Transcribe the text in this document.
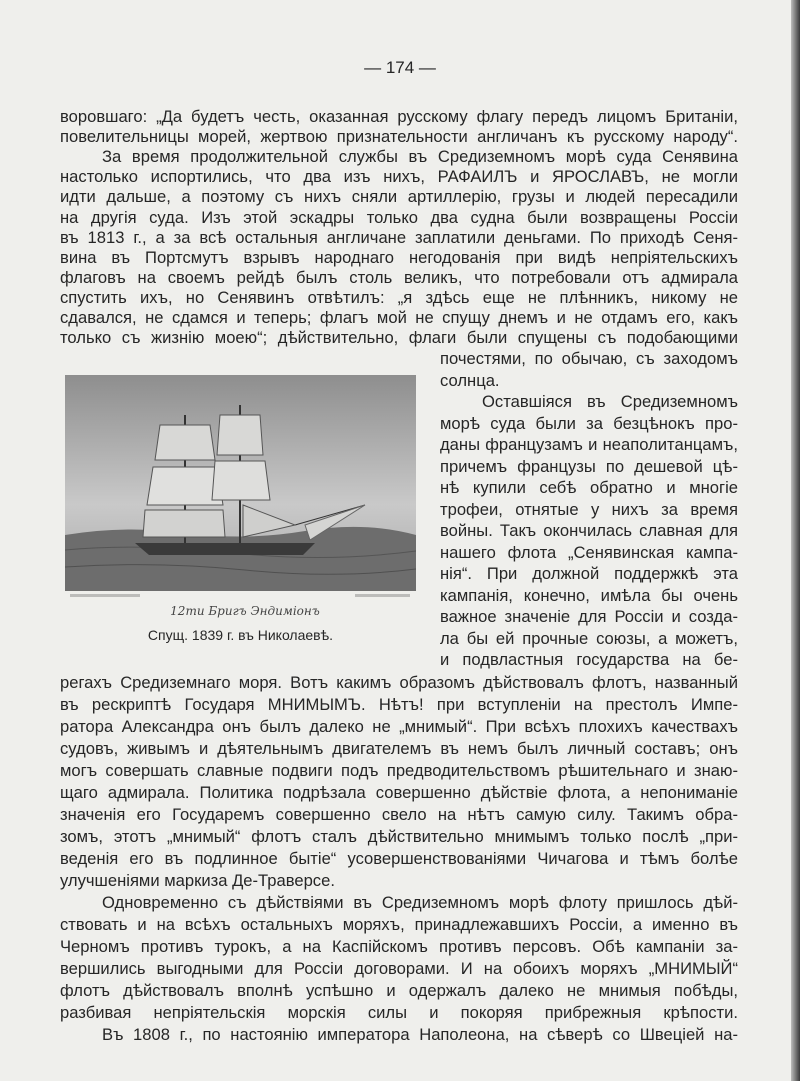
— 174 —
воровшаго: „Да будетъ честь, оказанная русскому флагу передъ лицомъ Британіи,
повелительницы морей, жертвою признательности англичанъ къ русскому народу“.
За время продолжительной службы въ Средиземномъ морѣ суда Сенявина
настолько испортились, что два изъ нихъ, РАФАИЛЪ и ЯРОСЛАВЪ, не могли
идти дальше, а поэтому съ нихъ сняли артиллерію, грузы и людей пересадили
на другія суда. Изъ этой эскадры только два судна были возвращены Россіи
въ 1813 г., а за всѣ остальныя англичане заплатили деньгами. По приходѣ Сеня-
вина въ Портсмутъ взрывъ народнаго негодованія при видѣ непріятельскихъ
флаговъ на своемъ рейдѣ былъ столь великъ, что потребовали отъ адмирала
спустить ихъ, но Сенявинъ отвѣтилъ: „я здѣсь еще не плѣнникъ, никому не
сдавался, не сдамся и теперь; флагъ мой не спущу днемъ и не отдамъ его, какъ
только съ жизнію моею“; дѣйствительно, флаги были спущены съ подобающими
почестями, по обычаю, съ заходомъ
солнца.
Оставшіяся въ Средиземномъ
морѣ суда были за безцѣнокъ про-
даны французамъ и неаполитанцамъ,
причемъ французы по дешевой цѣ-
нѣ купили себѣ обратно и многіе
трофеи, отнятые у нихъ за время
войны. Такъ окончилась славная для
нашего флота „Сенявинская кампа-
нія“. При должной поддержкѣ эта
кампанія, конечно, имѣла бы очень
важное значеніе для Россіи и созда-
ла бы ей прочные союзы, а можетъ,
и подвластныя государства на бе-
регахъ Средиземнаго моря. Вотъ какимъ образомъ дѣйствовалъ флотъ, названный
въ рескриптѣ Государя МНИМЫМЪ. Нѣтъ! при вступленіи на престолъ Импе-
ратора Александра онъ былъ далеко не „мнимый“. При всѣхъ плохихъ качествахъ
судовъ, живымъ и дѣятельнымъ двигателемъ въ немъ былъ личный составъ; онъ
могъ совершать славные подвиги подъ предводительствомъ рѣшительнаго и знаю-
щаго адмирала. Политика подрѣзала совершенно дѣйствіе флота, а непониманіе
значенія его Государемъ совершенно свело на нѣтъ самую силу. Такимъ обра-
зомъ, этотъ „мнимый“ флотъ сталъ дѣйствительно мнимымъ только послѣ „при-
веденія его въ подлинное бытіе“ усовершенствованіями Чичагова и тѣмъ болѣе
улучшеніями маркиза Де-Траверсе.
Одновременно съ дѣйствіями въ Средиземномъ морѣ флоту пришлось дѣй-
ствовать и на всѣхъ остальныхъ моряхъ, принадлежавшихъ Россіи, а именно въ
Черномъ противъ турокъ, а на Каспійскомъ противъ персовъ. Обѣ кампаніи за-
вершились выгодными для Россіи договорами. И на обоихъ моряхъ „МНИМЫЙ“
флотъ дѣйствовалъ вполнѣ успѣшно и одержалъ далеко не мнимыя побѣды,
разбивая непріятельскія морскія силы и покоряя прибрежныя крѣпости.
Въ 1808 г., по настоянію императора Наполеона, на сѣверѣ со Швеціей на-
12ти Бригъ Эндиміонъ
Спущ. 1839 г. въ Николаевѣ.
